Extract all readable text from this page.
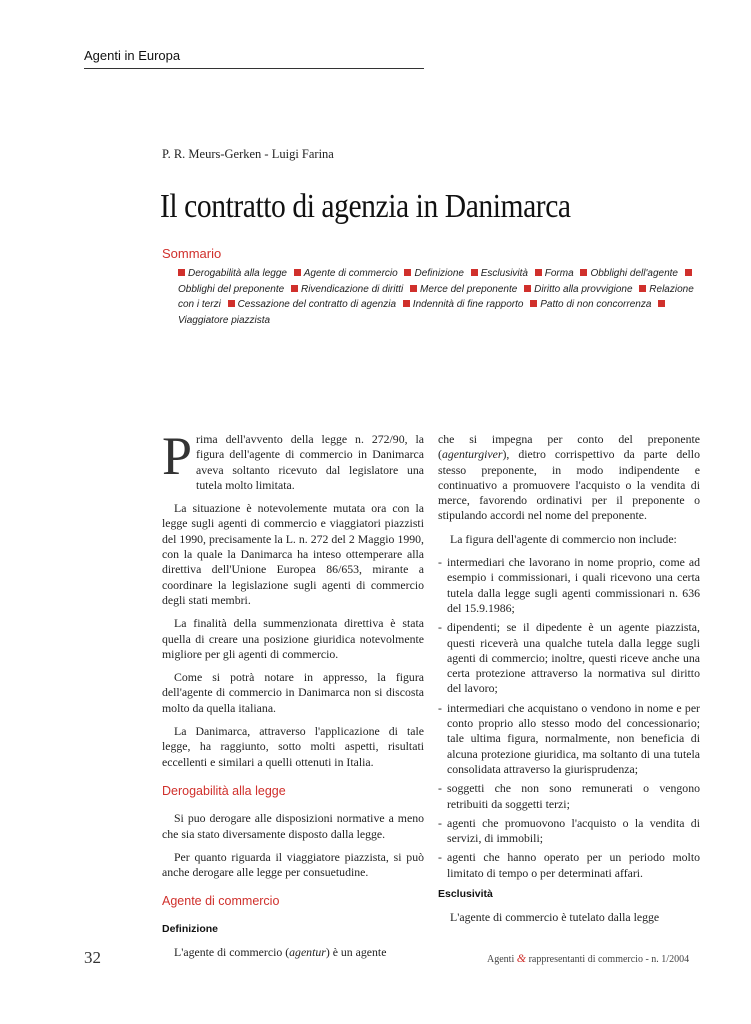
Agenti in Europa
P. R. Meurs-Gerken - Luigi Farina
Il contratto di agenzia in Danimarca
Sommario
Derogabilità alla legge Agente di commercio Definizione Esclusività Forma Obblighi dell'agente Obblighi del preponente Rivendicazione di diritti Merce del preponente Diritto alla provvigione Relazione con i terzi Cessazione del contratto di agenzia Indennità di fine rapporto Patto di non concorrenza Viaggiatore piazzista

Prima dell'avvento della legge n. 272/90, la figura dell'agente di commercio in Danimarca aveva soltanto ricevuto dal legislatore una tutela molto limitata.

La situazione è notevolemente mutata ora con la legge sugli agenti di commercio e viaggiatori piazzisti del 1990, precisamente la L. n. 272 del 2 Maggio 1990, con la quale la Danimarca ha inteso ottemperare alla direttiva dell'Unione Europea 86/653, mirante a coordinare la legislazione sugli agenti di commercio degli stati membri.

La finalità della summenzionata direttiva è stata quella di creare una posizione giuridica notevolmente migliore per gli agenti di commercio.

Come si potrà notare in appresso, la figura dell'agente di commercio in Danimarca non si discosta molto da quella italiana.

La Danimarca, attraverso l'applicazione di tale legge, ha raggiunto, sotto molti aspetti, risultati eccellenti e similari a quelli ottenuti in Italia.

Derogabilità alla legge

Si puo derogare alle disposizioni normative a meno che sia stato diversamente disposto dalla legge.

Per quanto riguarda il viaggiatore piazzista, si può anche derogare alle legge per consuetudine.

Agente di commercio
Definizione

L'agente di commercio (agentur) è un agente

che si impegna per conto del preponente (agenturgiver), dietro corrispettivo da parte dello stesso preponente, in modo indipendente e continuativo a promuovere l'acquisto o la vendita di merce, favorendo ordinativi per il preponente o stipulando accordi nel nome del preponente.

La figura dell'agente di commercio non include:

- intermediari che lavorano in nome proprio, come ad esempio i commissionari, i quali ricevono una certa tutela dalla legge sugli agenti commissionari n. 636 del 15.9.1986;
- dipendenti; se il dipedente è un agente piazzista, questi riceverà una qualche tutela dalla legge sugli agenti di commercio; inoltre, questi riceve anche una certa protezione attraverso la normativa sul diritto del lavoro;
- intermediari che acquistano o vendono in nome e per conto proprio allo stesso modo del concessionario; tale ultima figura, normalmente, non beneficia di alcuna protezione giuridica, ma soltanto di una tutela consolidata attraverso la giurisprudenza;
- soggetti che non sono remunerati o vengono retribuiti da soggetti terzi;
- agenti che promuovono l'acquisto o la vendita di servizi, di immobili;
- agenti che hanno operato per un periodo molto limitato di tempo o per determinati affari.
Esclusività

L'agente di commercio è tutelato dalla legge

32	Agenti & rappresentanti di commercio - n. 1/2004
